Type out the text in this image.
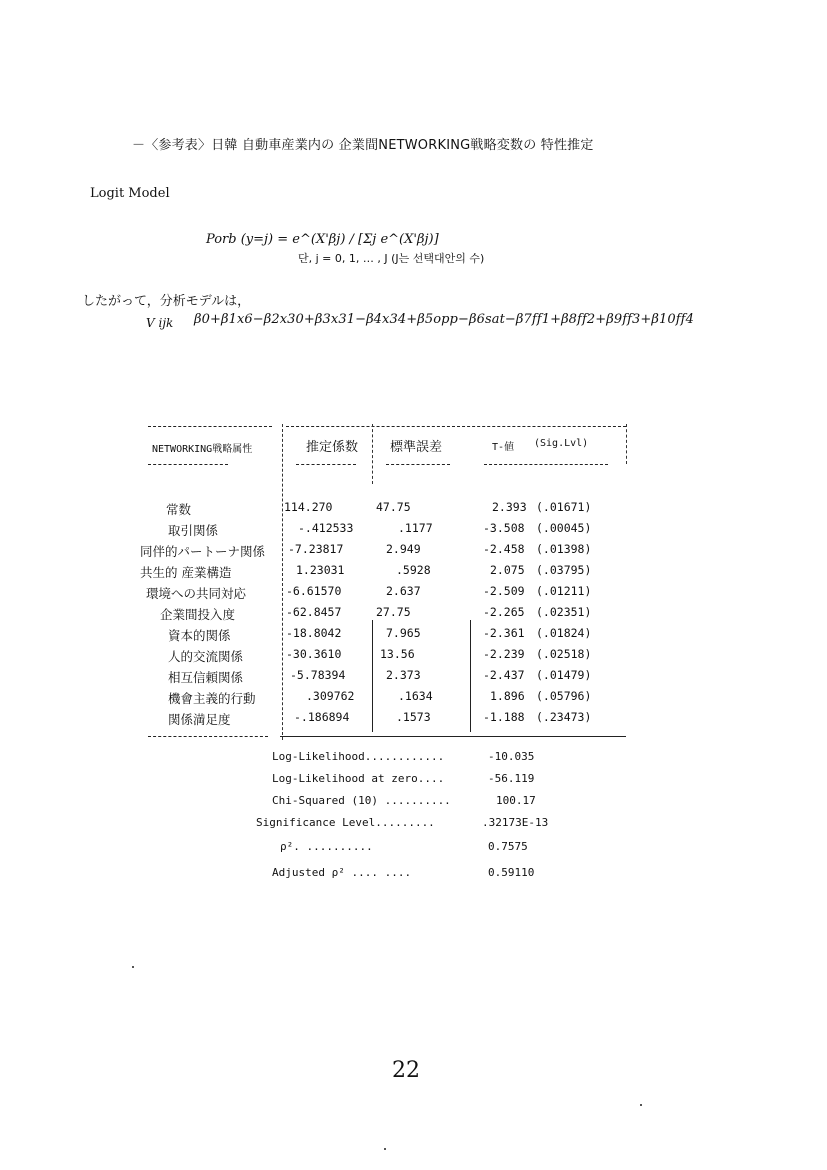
－〈参考表〉日韓 自動車産業内の 企業間NETWORKING戦略変数の 特性推定
Logit Model
Porb (y=j) = e^(X'βj) / [Σj e^(X'βj)]
단, j = 0, 1, … , J (J는 선택대안의 수)
したがって，分析モデルは，
V ijk β0+β1x6−β2x30+β3x31−β4x34+β5opp−β6sat−β7ff1+β8ff2+β9ff3+β10ff4
NETWORKING戦略属性	推定係数 標準誤差	T-値 (Sig.Lvl)
常数	114.270	47.75	2.393 (.01671)
取引関係	-.412533	.1177	-3.508 (.00045)
同伴的パートーナ関係 -7.23817	2.949	-2.458 (.01398)
共生的 産業構造	1.23031	.5928	2.075 (.03795)
環境への共同対応	-6.61570	2.637	-2.509 (.01211)
企業間投入度	-62.8457	27.75	-2.265 (.02351)
資本的関係	-18.8042	7.965	-2.361 (.01824)
人的交流関係	-30.3610	13.56	-2.239 (.02518)
相互信頼関係	-5.78394	2.373	-2.437 (.01479)
機會主義的行動	.309762	.1634	1.896 (.05796)
関係満足度	-.186894	.1573	-1.188 (.23473)
Log-Likelihood............	-10.035
Log-Likelihood at zero....	-56.119
Chi-Squared (10) ..........	100.17
Significance Level.........	.32173E-13
ρ². ..........	0.7575
Adjusted ρ² .... ....	0.59110
22
